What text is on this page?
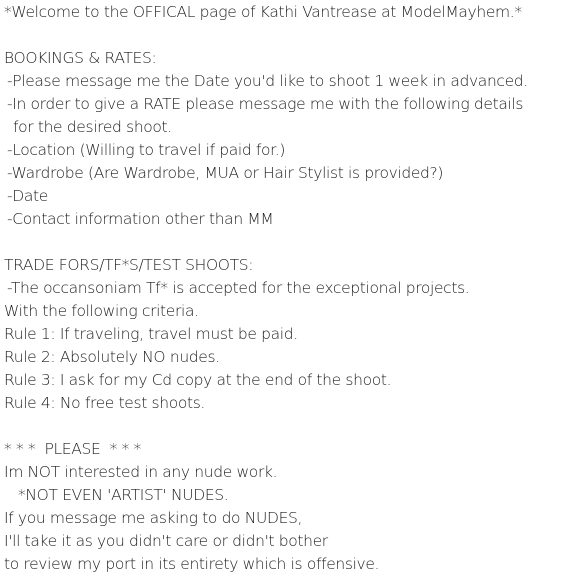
*Welcome to the OFFICAL page of Kathi Vantrease at ModelMayhem.*
BOOKINGS & RATES:
-Please message me the Date you'd like to shoot 1 week in advanced.
-In order to give a RATE please message me with the following details
for the desired shoot.
-Location (Willing to travel if paid for.)
-Wardrobe (Are Wardrobe, MUA or Hair Stylist is provided?)
-Date
-Contact information other than MM
TRADE FORS/TF*S/TEST SHOOTS:
-The occansoniam Tf* is accepted for the exceptional projects.
With the following criteria.
Rule 1: If traveling, travel must be paid.
Rule 2: Absolutely NO nudes.
Rule 3: I ask for my Cd copy at the end of the shoot.
Rule 4: No free test shoots.
* * *  PLEASE  * * *
Im NOT interested in any nude work.
*NOT EVEN 'ARTIST' NUDES.
If you message me asking to do NUDES,
I'll take it as you didn't care or didn't bother
to review my port in its entirety which is offensive.
